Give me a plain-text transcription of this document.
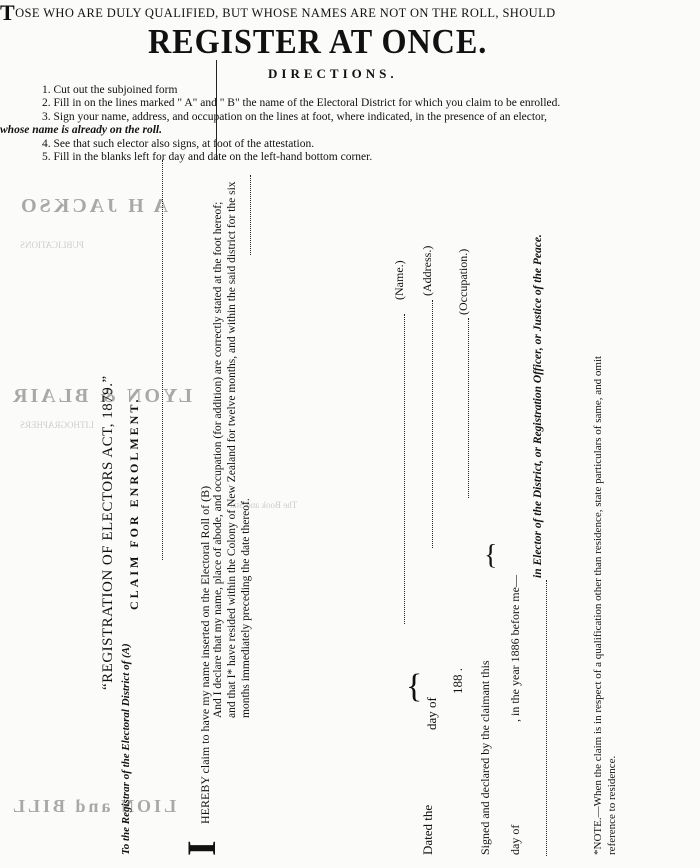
TOSE WHO ARE DULY QUALIFIED, BUT WHOSE NAMES ARE NOT ON THE ROLL, SHOULD
REGISTER AT ONCE.
DIRECTIONS.
1. Cut out the subjoined form
2. Fill in on the lines marked " A" and " B" the name of the Electoral District for which you claim to be enrolled.
3. Sign your name, address, and occupation on the lines at foot, where indicated, in the presence of an elector,
whose name is already on the roll.
4. See that such elector also signs, at foot of the attestation.
5. Fill in the blanks left for day and date on the left-hand bottom corner.
A H JACKSO
LYON & BLAIR
LION and BILL
PUBLICATIONS
LITHOGRAPHERS
The Book and Stat
“REGISTRATION OF ELECTORS ACT, 1879.” CLAIM FOR ENROLMENT.
To the Registrar of the Electoral District of (A) I
HEREBY claim to have my name inserted on the Electoral Roll of (B) And I declare that my name, place of abode, and occupation (for addition) are correctly stated at the foot hereof; and that I* have resided within the Colony of New Zealand for twelve months, and within the said district for the six months immediately preceding the date thereof.
Dated the
day of
188 .
{
(Name.) (Address.) (Occupation.)
Signed and declared by the claimant this day of
, in the year 1886 before me—
{	in Elector of the District, or Registration Officer, or Justice of the Peace.	*NOTE.—When the claim is in respect of a qualification other than residence, state particulars of same, and omit reference to residence.
